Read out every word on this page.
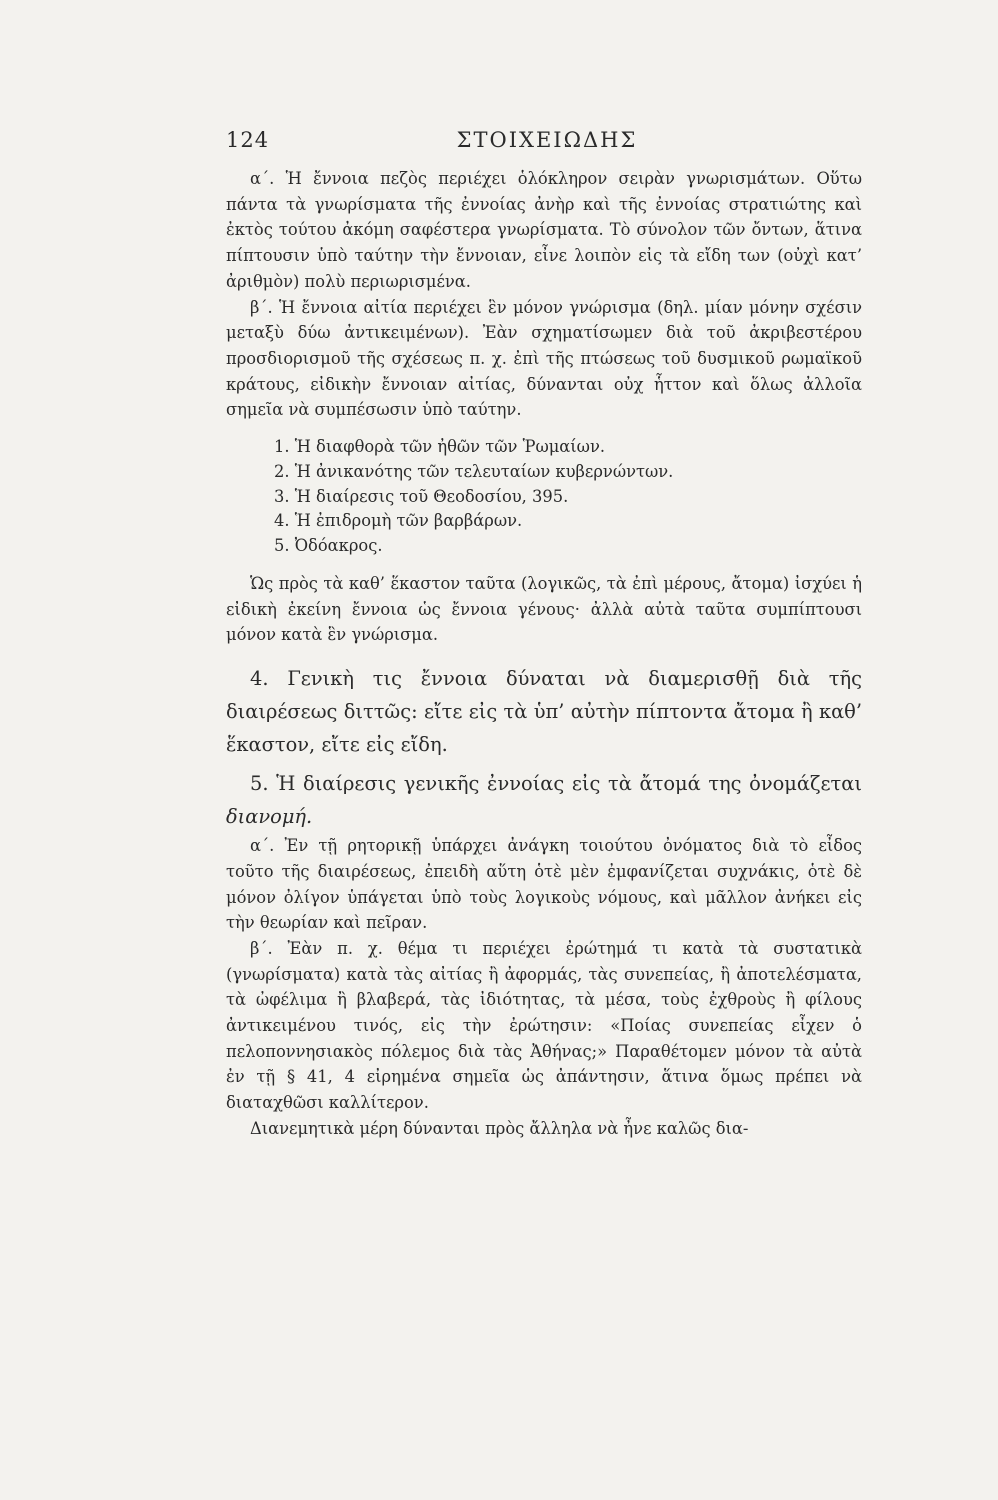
124	ΣΤΟΙΧΕΙΩΔΗΣ

α΄. Ἡ ἔννοια πεζὸς περιέχει ὁλόκληρον σειρὰν γνωρισμάτων. Οὕτω πάντα τὰ γνωρίσματα τῆς ἐννοίας ἀνὴρ καὶ τῆς ἐννοίας στρατιώτης καὶ ἐκτὸς τούτου ἀκόμη σαφέστερα γνωρίσματα. Τὸ σύνολον τῶν ὄντων, ἅτινα πίπτουσιν ὑπὸ ταύτην τὴν ἔννοιαν, εἶνε λοιπὸν εἰς τὰ εἴδη των (οὐχὶ κατ’ ἀριθμὸν) πολὺ περιωρισμένα.

β΄. Ἡ ἔννοια αἰτία περιέχει ἓν μόνον γνώρισμα (δηλ. μίαν μόνην σχέσιν μεταξὺ δύω ἀντικειμένων). Ἐὰν σχηματίσωμεν διὰ τοῦ ἀκριβεστέρου προσδιορισμοῦ τῆς σχέσεως π. χ. ἐπὶ τῆς πτώσεως τοῦ δυσμικοῦ ρωμαϊκοῦ κράτους, εἰδικὴν ἔννοιαν αἰτίας, δύνανται οὐχ ἧττον καὶ ὅλως ἀλλοῖα σημεῖα νὰ συμπέσωσιν ὑπὸ ταύτην.

1. Ἡ διαφθορὰ τῶν ἠθῶν τῶν Ῥωμαίων.
2. Ἡ ἀνικανότης τῶν τελευταίων κυβερνώντων.
3. Ἡ διαίρεσις τοῦ Θεοδοσίου, 395.
4. Ἡ ἐπιδρομὴ τῶν βαρβάρων.
5. Ὀδόακρος.

Ὡς πρὸς τὰ καθ’ ἕκαστον ταῦτα (λογικῶς, τὰ ἐπὶ μέρους, ἄτομα) ἰσχύει ἡ εἰδικὴ ἐκείνη ἔννοια ὡς ἔννοια γένους· ἀλλὰ αὐτὰ ταῦτα συμπίπτουσι μόνον κατὰ ἓν γνώρισμα.

4. Γενικὴ τις ἔννοια δύναται νὰ διαμερισθῇ διὰ τῆς διαιρέσεως διττῶς: εἴτε εἰς τὰ ὑπ’ αὐτὴν πίπτοντα ἄτομα ἢ καθ’ ἕκαστον, εἴτε εἰς εἴδη.

5. Ἡ διαίρεσις γενικῆς ἐννοίας εἰς τὰ ἄτομά της ὀνομάζεται διανομή.

α΄. Ἐν τῇ ρητορικῇ ὑπάρχει ἀνάγκη τοιούτου ὀνόματος διὰ τὸ εἶδος τοῦτο τῆς διαιρέσεως, ἐπειδὴ αὕτη ὁτὲ μὲν ἐμφανίζεται συχνάκις, ὁτὲ δὲ μόνον ὀλίγον ὑπάγεται ὑπὸ τοὺς λογικοὺς νόμους, καὶ μᾶλλον ἀνήκει εἰς τὴν θεωρίαν καὶ πεῖραν.

β΄. Ἐὰν π. χ. θέμα τι περιέχει ἐρώτημά τι κατὰ τὰ συστατικὰ (γνωρίσματα) κατὰ τὰς αἰτίας ἢ ἀφορμάς, τὰς συνεπείας, ἢ ἀποτελέσματα, τὰ ὠφέλιμα ἢ βλαβερά, τὰς ἰδιότητας, τὰ μέσα, τοὺς ἐχθροὺς ἢ φίλους ἀντικειμένου τινός, εἰς τὴν ἐρώτησιν: «Ποίας συνεπείας εἶχεν ὁ πελοποννησιακὸς πόλεμος διὰ τὰς Ἀθήνας;» Παραθέτομεν μόνον τὰ αὐτὰ ἐν τῇ § 41, 4 εἰρημένα σημεῖα ὡς ἀπάντησιν, ἅτινα ὅμως πρέπει νὰ διαταχθῶσι καλλίτερον.

Διανεμητικὰ μέρη δύνανται πρὸς ἄλληλα νὰ ἦνε καλῶς δια-
